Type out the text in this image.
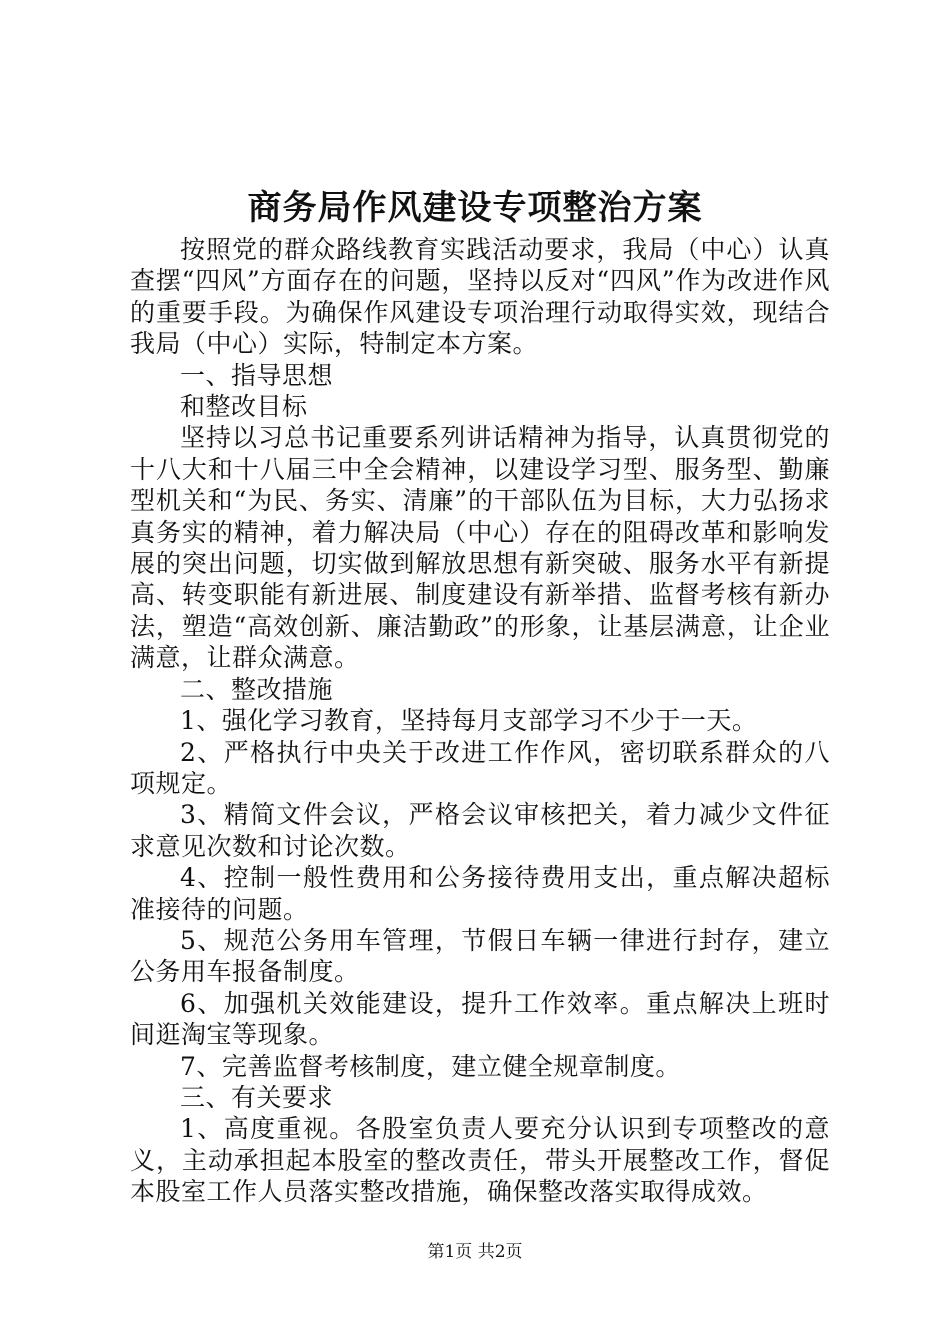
商务局作风建设专项整治方案

按照党的群众路线教育实践活动要求，我局（中心）认真查摆“四风”方面存在的问题，坚持以反对“四风”作为改进作风的重要手段。为确保作风建设专项治理行动取得实效，现结合我局（中心）实际，特制定本方案。

一、指导思想

和整改目标

坚持以习总书记重要系列讲话精神为指导，认真贯彻党的十八大和十八届三中全会精神，以建设学习型、服务型、勤廉型机关和“为民、务实、清廉”的干部队伍为目标，大力弘扬求真务实的精神，着力解决局（中心）存在的阻碍改革和影响发展的突出问题，切实做到解放思想有新突破、服务水平有新提高、转变职能有新进展、制度建设有新举措、监督考核有新办法，塑造“高效创新、廉洁勤政”的形象，让基层满意，让企业满意，让群众满意。

二、整改措施

1、强化学习教育，坚持每月支部学习不少于一天。

2、严格执行中央关于改进工作作风，密切联系群众的八项规定。

3、精简文件会议，严格会议审核把关，着力减少文件征求意见次数和讨论次数。

4、控制一般性费用和公务接待费用支出，重点解决超标准接待的问题。

5、规范公务用车管理，节假日车辆一律进行封存，建立公务用车报备制度。

6、加强机关效能建设，提升工作效率。重点解决上班时间逛淘宝等现象。

7、完善监督考核制度，建立健全规章制度。

三、有关要求

1、高度重视。各股室负责人要充分认识到专项整改的意义，主动承担起本股室的整改责任，带头开展整改工作，督促本股室工作人员落实整改措施，确保整改落实取得成效。

第1页 共2页
